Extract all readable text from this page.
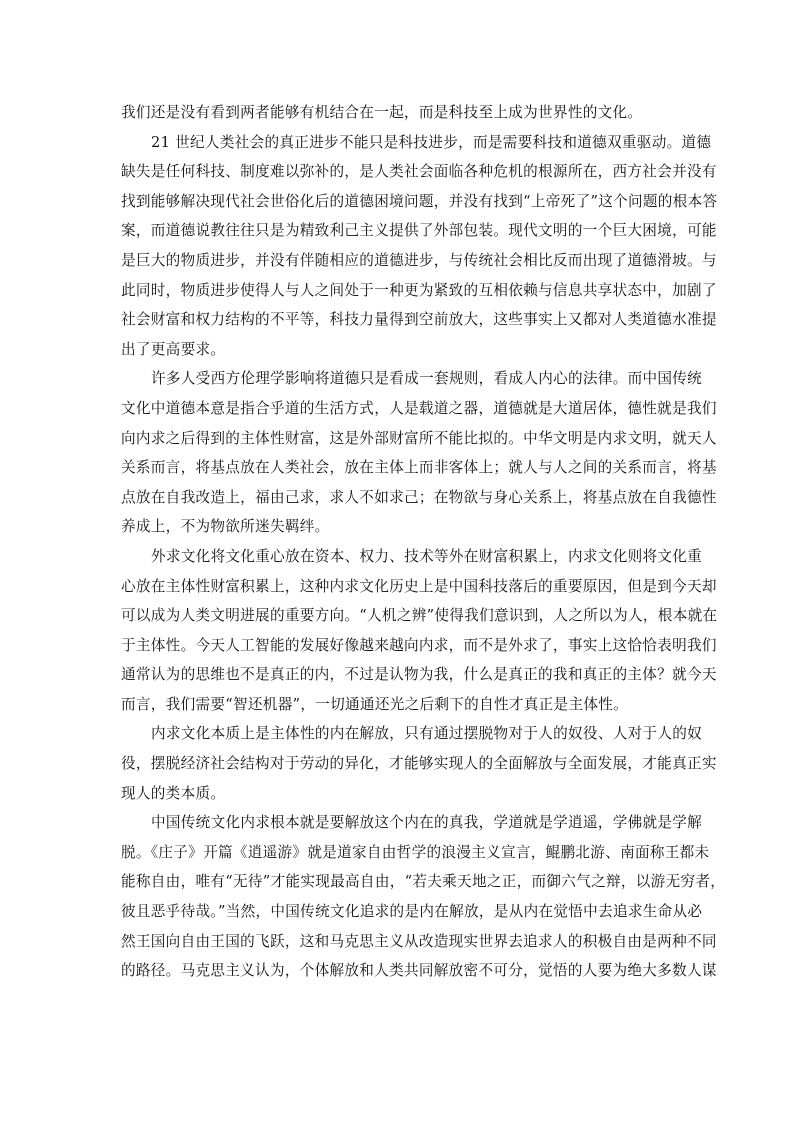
我们还是没有看到两者能够有机结合在一起，而是科技至上成为世界性的文化。
21 世纪人类社会的真正进步不能只是科技进步，而是需要科技和道德双重驱动。道德
缺失是任何科技、制度难以弥补的，是人类社会面临各种危机的根源所在，西方社会并没有
找到能够解决现代社会世俗化后的道德困境问题，并没有找到“上帝死了”这个问题的根本答
案，而道德说教往往只是为精致利己主义提供了外部包装。现代文明的一个巨大困境，可能
是巨大的物质进步，并没有伴随相应的道德进步，与传统社会相比反而出现了道德滑坡。与
此同时，物质进步使得人与人之间处于一种更为紧致的互相依赖与信息共享状态中，加剧了
社会财富和权力结构的不平等，科技力量得到空前放大，这些事实上又都对人类道德水准提
出了更高要求。
许多人受西方伦理学影响将道德只是看成一套规则，看成人内心的法律。而中国传统
文化中道德本意是指合乎道的生活方式，人是载道之器，道德就是大道居体，德性就是我们
向内求之后得到的主体性财富，这是外部财富所不能比拟的。中华文明是内求文明，就天人
关系而言，将基点放在人类社会，放在主体上而非客体上；就人与人之间的关系而言，将基
点放在自我改造上，福由己求，求人不如求己；在物欲与身心关系上，将基点放在自我德性
养成上，不为物欲所迷失羁绊。
外求文化将文化重心放在资本、权力、技术等外在财富积累上，内求文化则将文化重
心放在主体性财富积累上，这种内求文化历史上是中国科技落后的重要原因，但是到今天却
可以成为人类文明进展的重要方向。“人机之辨”使得我们意识到，人之所以为人，根本就在
于主体性。今天人工智能的发展好像越来越向内求，而不是外求了，事实上这恰恰表明我们
通常认为的思维也不是真正的内，不过是认物为我，什么是真正的我和真正的主体？就今天
而言，我们需要“智还机器”，一切通通还光之后剩下的自性才真正是主体性。
内求文化本质上是主体性的内在解放，只有通过摆脱物对于人的奴役、人对于人的奴
役，摆脱经济社会结构对于劳动的异化，才能够实现人的全面解放与全面发展，才能真正实
现人的类本质。
中国传统文化内求根本就是要解放这个内在的真我，学道就是学逍遥，学佛就是学解
脱。《庄子》开篇《逍遥游》就是道家自由哲学的浪漫主义宣言，鲲鹏北游、南面称王都未
能称自由，唯有“无待”才能实现最高自由，“若夫乘天地之正，而御六气之辩，以游无穷者，
彼且恶乎待哉。”当然，中国传统文化追求的是内在解放，是从内在觉悟中去追求生命从必
然王国向自由王国的飞跃，这和马克思主义从改造现实世界去追求人的积极自由是两种不同
的路径。马克思主义认为，个体解放和人类共同解放密不可分，觉悟的人要为绝大多数人谋
